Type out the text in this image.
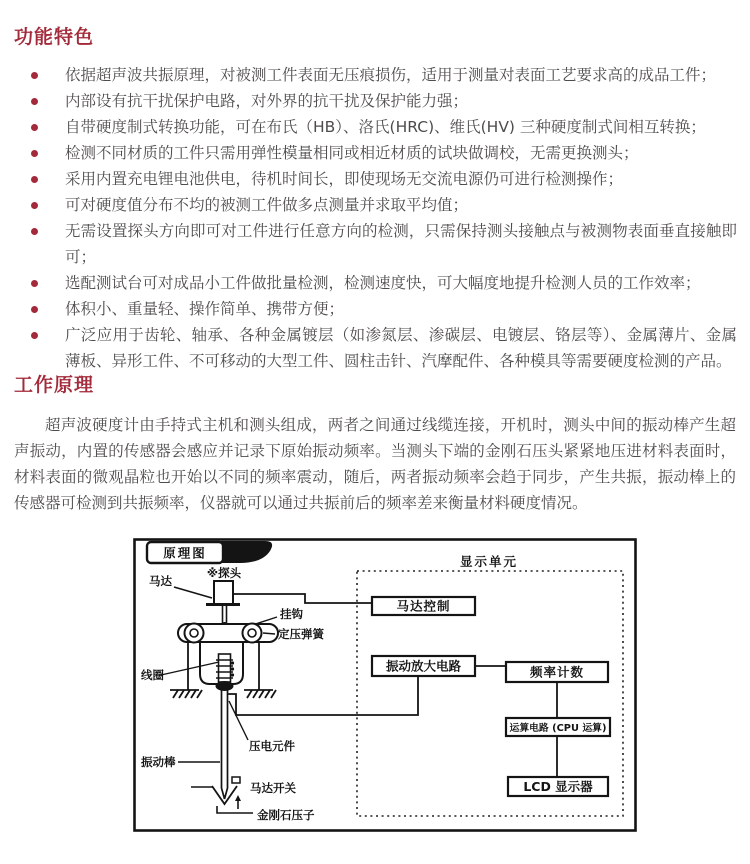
功能特色
依据超声波共振原理，对被测工件表面无压痕损伤，适用于测量对表面工艺要求高的成品工件；
内部设有抗干扰保护电路，对外界的抗干扰及保护能力强；
自带硬度制式转换功能，可在布氏（HB）、洛氏(HRC)、维氏(HV) 三种硬度制式间相互转换；
检测不同材质的工件只需用弹性模量相同或相近材质的试块做调校，无需更换测头；
采用内置充电锂电池供电，待机时间长，即使现场无交流电源仍可进行检测操作；
可对硬度值分布不均的被测工件做多点测量并求取平均值；
无需设置探头方向即可对工件进行任意方向的检测，只需保持测头接触点与被测物表面垂直接触即可；
选配测试台可对成品小工件做批量检测，检测速度快，可大幅度地提升检测人员的工作效率；
体积小、重量轻、操作简单、携带方便；
广泛应用于齿轮、轴承、各种金属镀层（如渗氮层、渗碳层、电镀层、铬层等）、金属薄片、金属薄板、异形工件、不可移动的大型工件、圆柱击针、汽摩配件、各种模具等需要硬度检测的产品。
工作原理

超声波硬度计由手持式主机和测头组成，两者之间通过线缆连接，开机时，测头中间的振动棒产生超声振动，内置的传感器会感应并记录下原始振动频率。当测头下端的金刚石压头紧紧地压进材料表面时，材料表面的微观晶粒也开始以不同的频率震动，随后，两者振动频率会趋于同步，产生共振，振动棒上的传感器可检测到共振频率，仪器就可以通过共振前后的频率差来衡量材料硬度情况。

原理图
显示单元
※探头
马达
挂钩
定压弹簧
线圈
压电元件
振动棒
马达开关
金刚石压子
马达控制
振动放大电路	频率计数
运算电路 (CPU 运算)
LCD 显示器
